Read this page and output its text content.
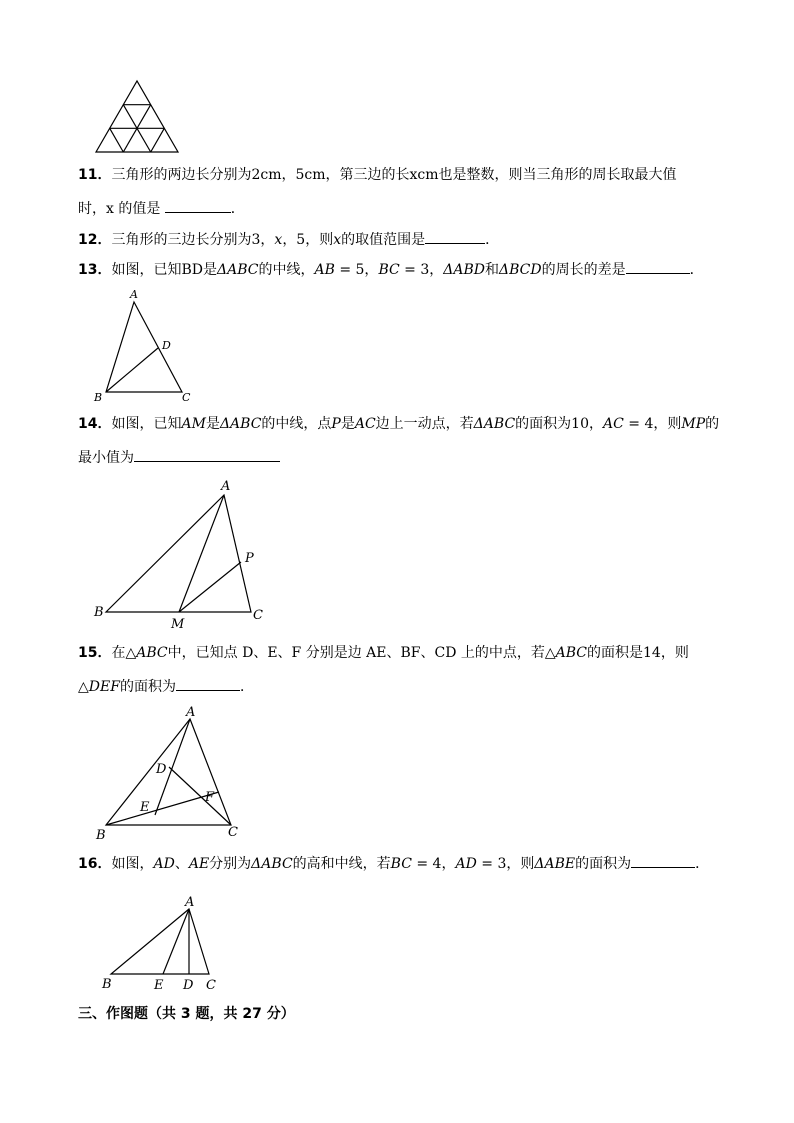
11．三角形的两边长分别为2cm，5cm，第三边的长xcm也是整数，则当三角形的周长取最大值
时，x 的值是	．
12．三角形的三边长分别为3，x，5，则x的取值范围是	．
13．如图，已知BD是ΔABC的中线，AB = 5，BC = 3，ΔABD和ΔBCD的周长的差是	．
A
B	C
D
14．如图，已知AM是ΔABC的中线，点P是AC边上一动点，若ΔABC的面积为10，AC = 4，则MP的
最小值为
A
B	C
M
P
15．在△ABC中，已知点 D、E、F 分别是边 AE、BF、CD 上的中点，若△ABC的面积是14，则
△DEF的面积为	．
A
B	C
D
E
F
16．如图，AD、AE分别为ΔABC的高和中线，若BC = 4，AD = 3，则ΔABE的面积为	．
A
B	C
D
E
三、作图题（共 3 题，共 27 分）
